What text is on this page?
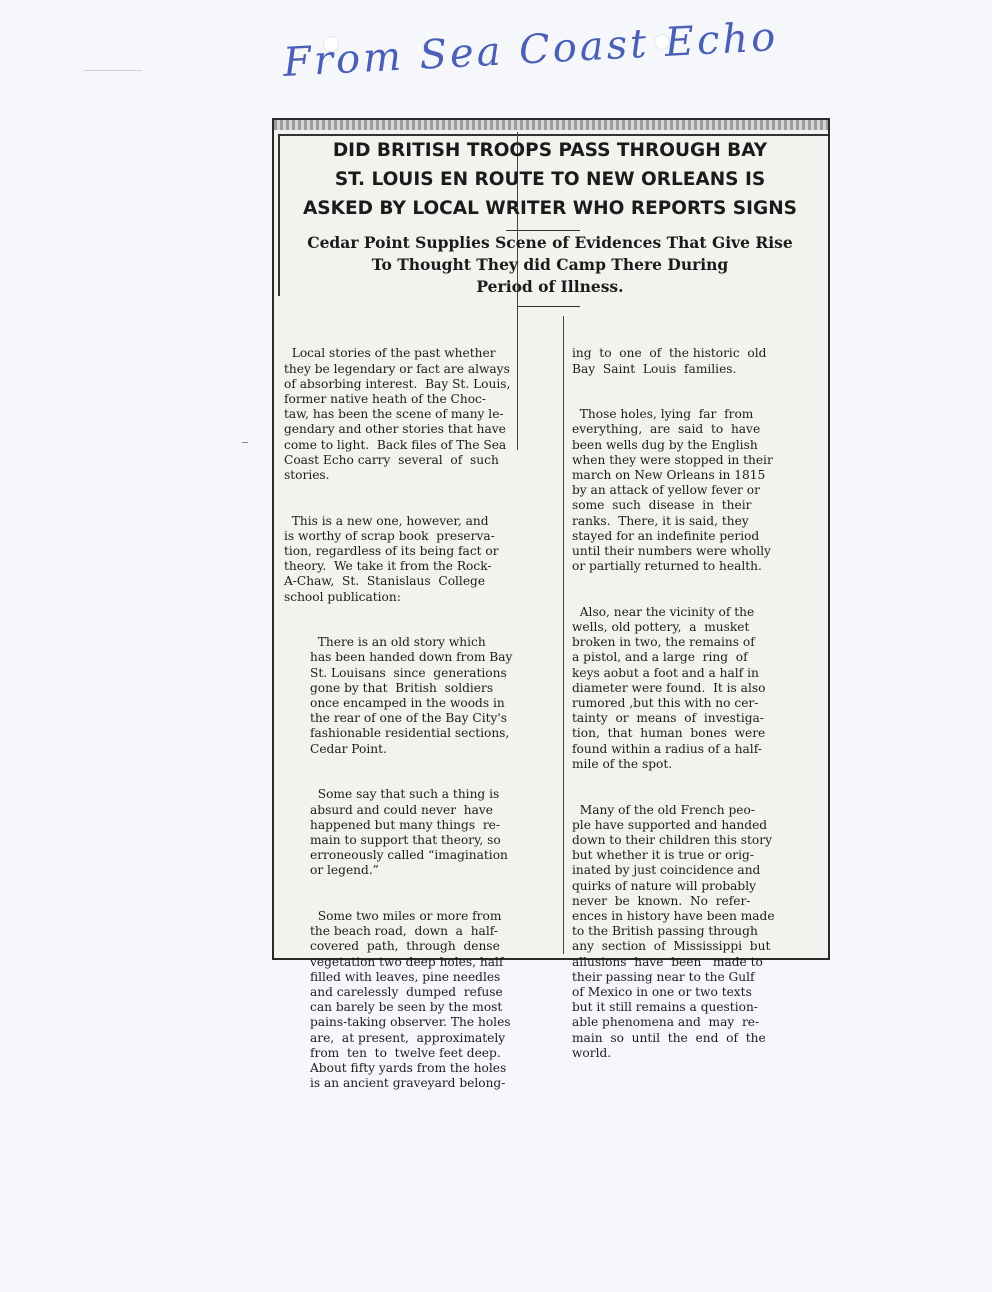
From Sea Coast Echo
DID BRITISH TROOPS PASS THROUGH BAY
ST. LOUIS EN ROUTE TO NEW ORLEANS IS
ASKED BY LOCAL WRITER WHO REPORTS SIGNS
Cedar Point Supplies Scene of Evidences That Give Rise
To Thought They did Camp There During
Period of Illness.

Local stories of the past whether
they be legendary or fact are always
of absorbing interest.  Bay St. Louis,
former native heath of the Choc-
taw, has been the scene of many le-
gendary and other stories that have
come to light.  Back files of The Sea
Coast Echo carry  several  of  such
stories.

This is a new one, however, and
is worthy of scrap book  preserva-
tion, regardless of its being fact or
theory.  We take it from the Rock-
A-Chaw,  St.  Stanislaus  College
school publication:

There is an old story which
has been handed down from Bay
St. Louisans  since  generations
gone by that  British  soldiers
once encamped in the woods in
the rear of one of the Bay City's
fashionable residential sections,
Cedar Point.

Some say that such a thing is
absurd and could never  have
happened but many things  re-
main to support that theory, so
erroneously called “imagination
or legend.”

Some two miles or more from
the beach road,  down  a  half-
covered  path,  through  dense
vegetation two deep holes, half
filled with leaves, pine needles
and carelessly  dumped  refuse
can barely be seen by the most
pains-taking observer. The holes
are,  at present,  approximately
from  ten  to  twelve feet deep.
About fifty yards from the holes
is an ancient graveyard belong-

ing  to  one  of  the historic  old
Bay  Saint  Louis  families.

Those holes, lying  far  from
everything,  are  said  to  have
been wells dug by the English
when they were stopped in their
march on New Orleans in 1815
by an attack of yellow fever or
some  such  disease  in  their
ranks.  There, it is said, they
stayed for an indefinite period
until their numbers were wholly
or partially returned to health.

Also, near the vicinity of the
wells, old pottery,  a  musket
broken in two, the remains of
a pistol, and a large  ring  of
keys aobut a foot and a half in
diameter were found.  It is also
rumored ,but this with no cer-
tainty  or  means  of  investiga-
tion,  that  human  bones  were
found within a radius of a half-
mile of the spot.

Many of the old French peo-
ple have supported and handed
down to their children this story
but whether it is true or orig-
inated by just coincidence and
quirks of nature will probably
never  be  known.  No  refer-
ences in history have been made
to the British passing through
any  section  of  Mississippi  but
allusions  have  been   made to
their passing near to the Gulf
of Mexico in one or two texts
but it still remains a question-
able phenomena and  may  re-
main  so  until  the  end  of  the
world.
